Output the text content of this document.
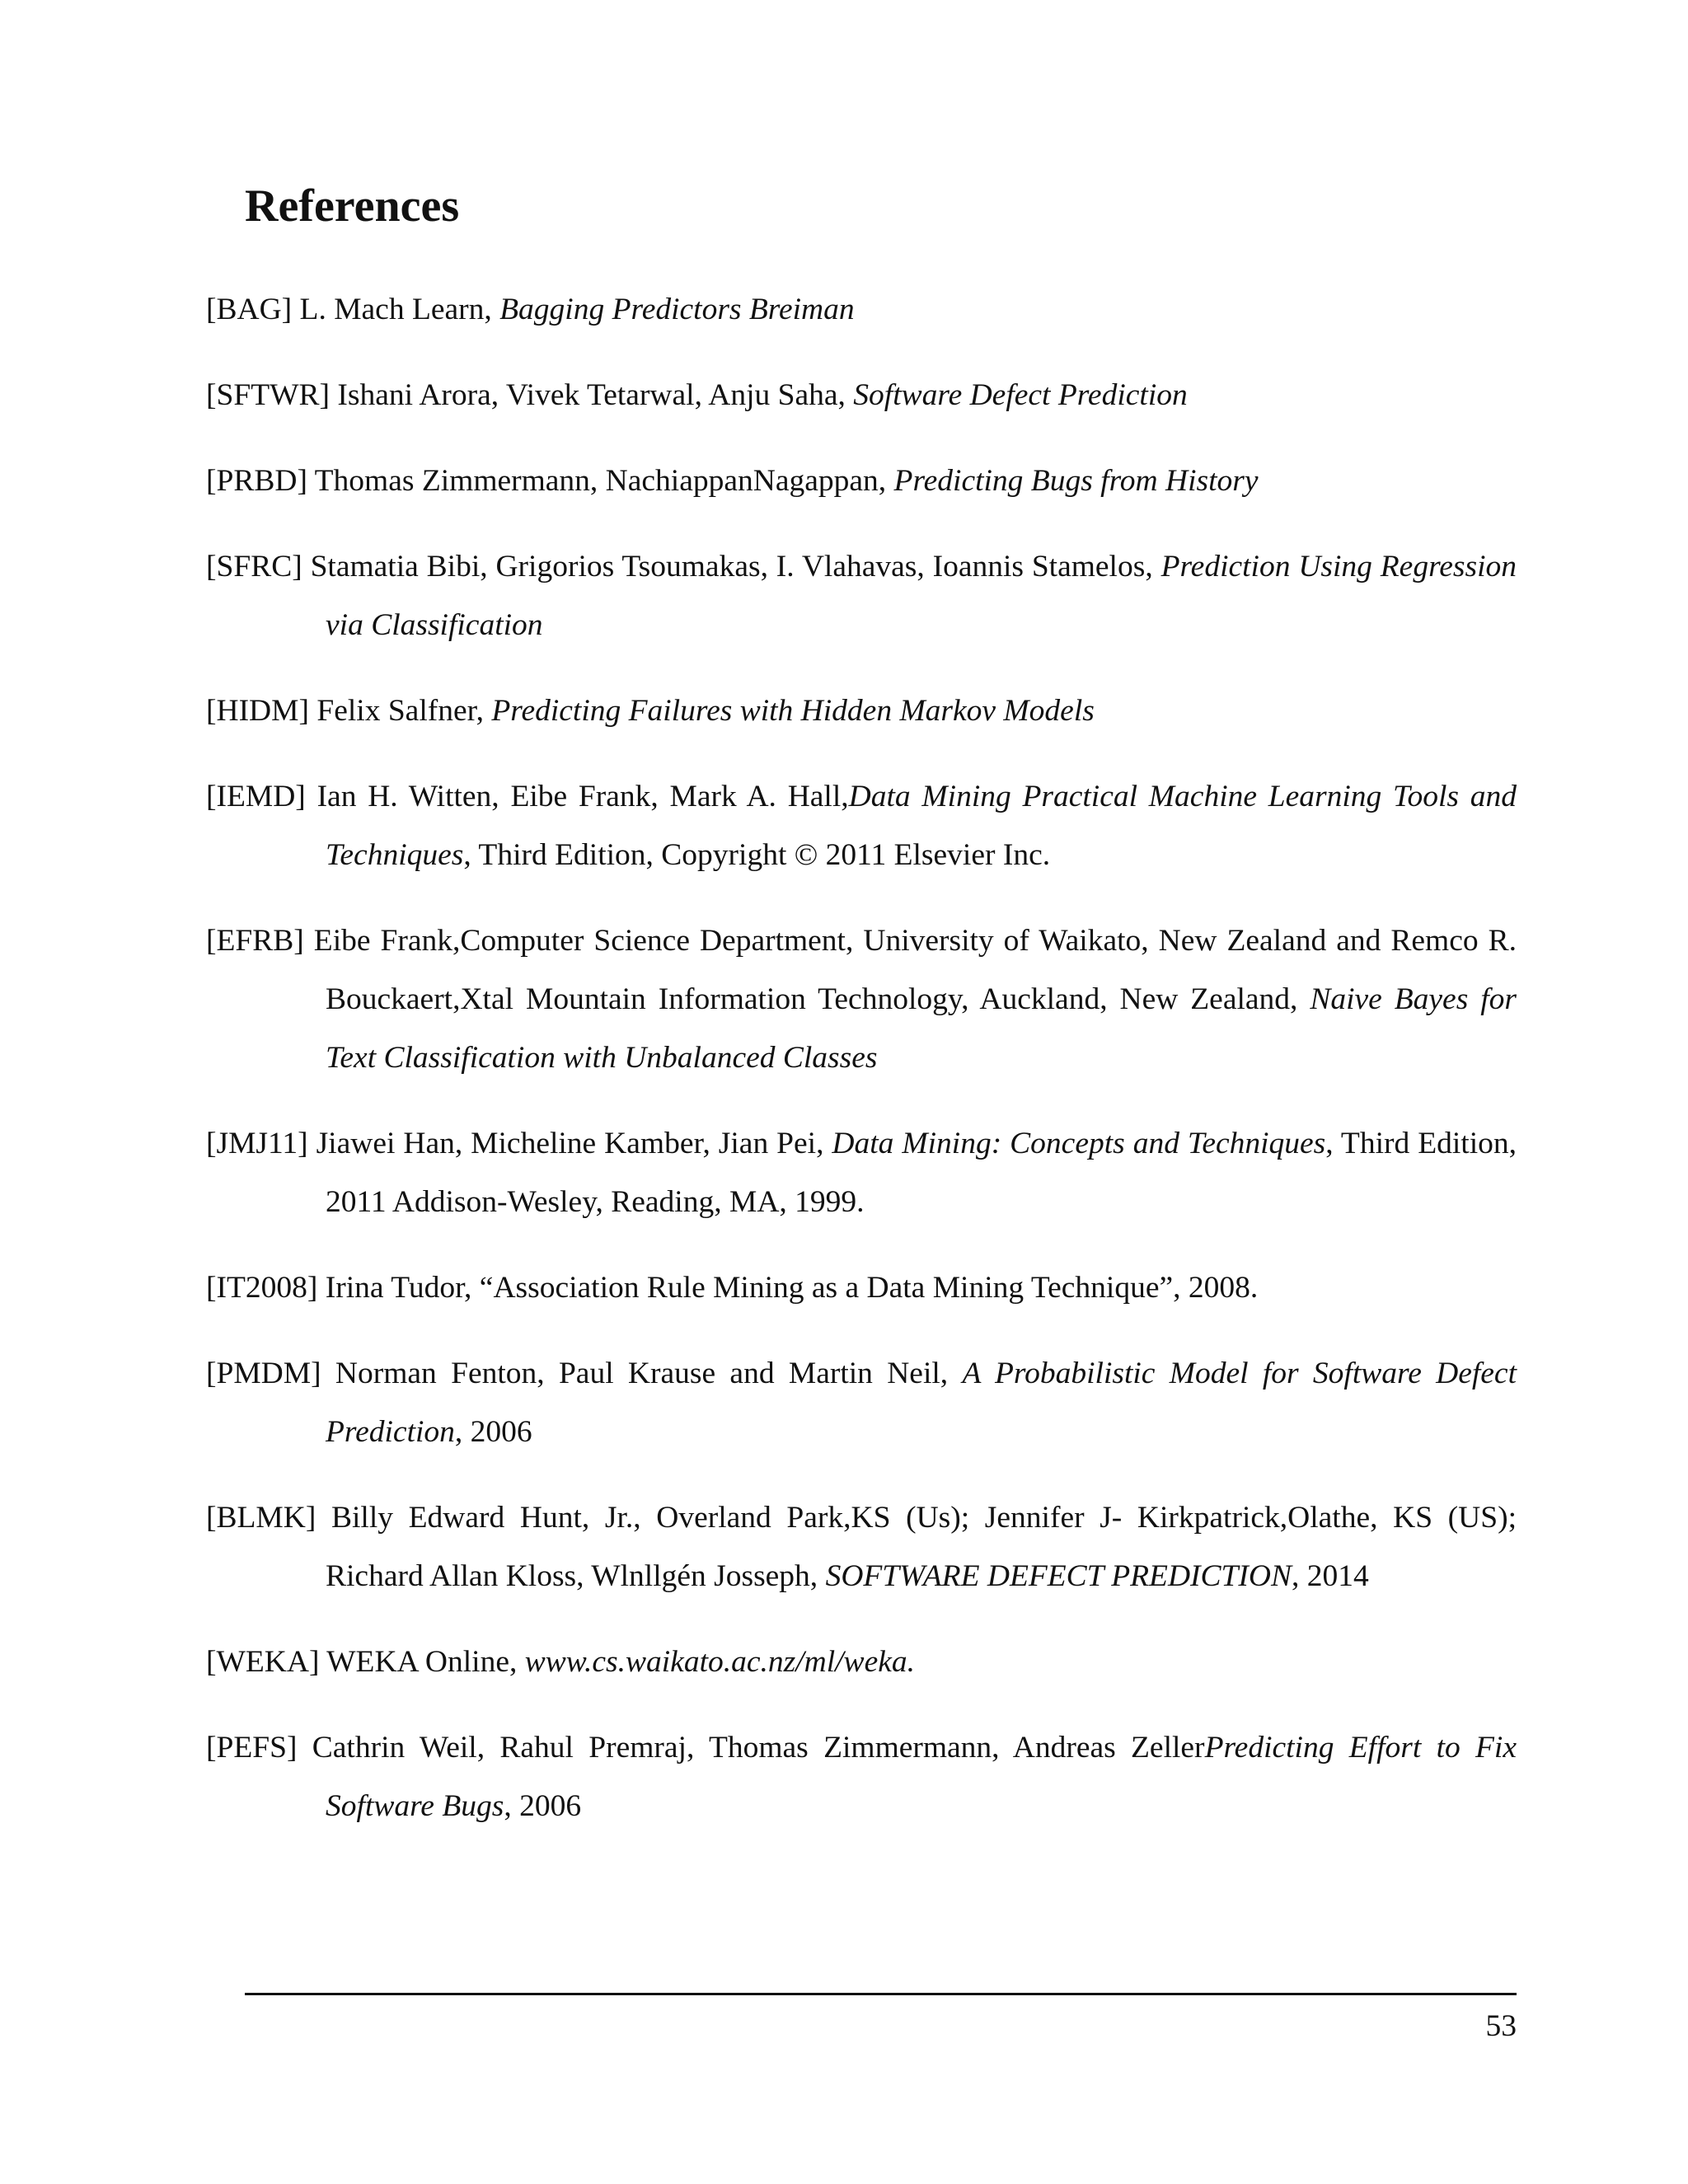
References
[BAG] L. Mach Learn, Bagging Predictors Breiman
[SFTWR] Ishani Arora, Vivek Tetarwal, Anju Saha, Software Defect Prediction
[PRBD] Thomas Zimmermann, NachiappanNagappan, Predicting Bugs from History
[SFRC] Stamatia Bibi, Grigorios Tsoumakas, I. Vlahavas, Ioannis Stamelos, Prediction Using Regression via Classification
[HIDM] Felix Salfner, Predicting Failures with Hidden Markov Models
[IEMD] Ian H. Witten, Eibe Frank, Mark A. Hall,Data Mining Practical Machine Learning Tools and Techniques, Third Edition, Copyright © 2011 Elsevier Inc.
[EFRB] Eibe Frank,Computer Science Department, University of Waikato, New Zealand and Remco R. Bouckaert,Xtal Mountain Information Technology, Auckland, New Zealand, Naive Bayes for Text Classification with Unbalanced Classes
[JMJ11] Jiawei Han, Micheline Kamber, Jian Pei, Data Mining: Concepts and Techniques, Third Edition, 2011 Addison-Wesley, Reading, MA, 1999.
[IT2008] Irina Tudor, “Association Rule Mining as a Data Mining Technique”, 2008.
[PMDM] Norman Fenton, Paul Krause and Martin Neil, A Probabilistic Model for Software Defect Prediction, 2006
[BLMK] Billy Edward Hunt, Jr., Overland Park,KS (Us); Jennifer J- Kirkpatrick,Olathe, KS (US); Richard Allan Kloss, Wlnllgén Josseph, SOFTWARE DEFECT PREDICTION, 2014
[WEKA] WEKA Online, www.cs.waikato.ac.nz/ml/weka.
[PEFS] Cathrin Weil, Rahul Premraj, Thomas Zimmermann, Andreas ZellerPredicting Effort to Fix Software Bugs, 2006
53
